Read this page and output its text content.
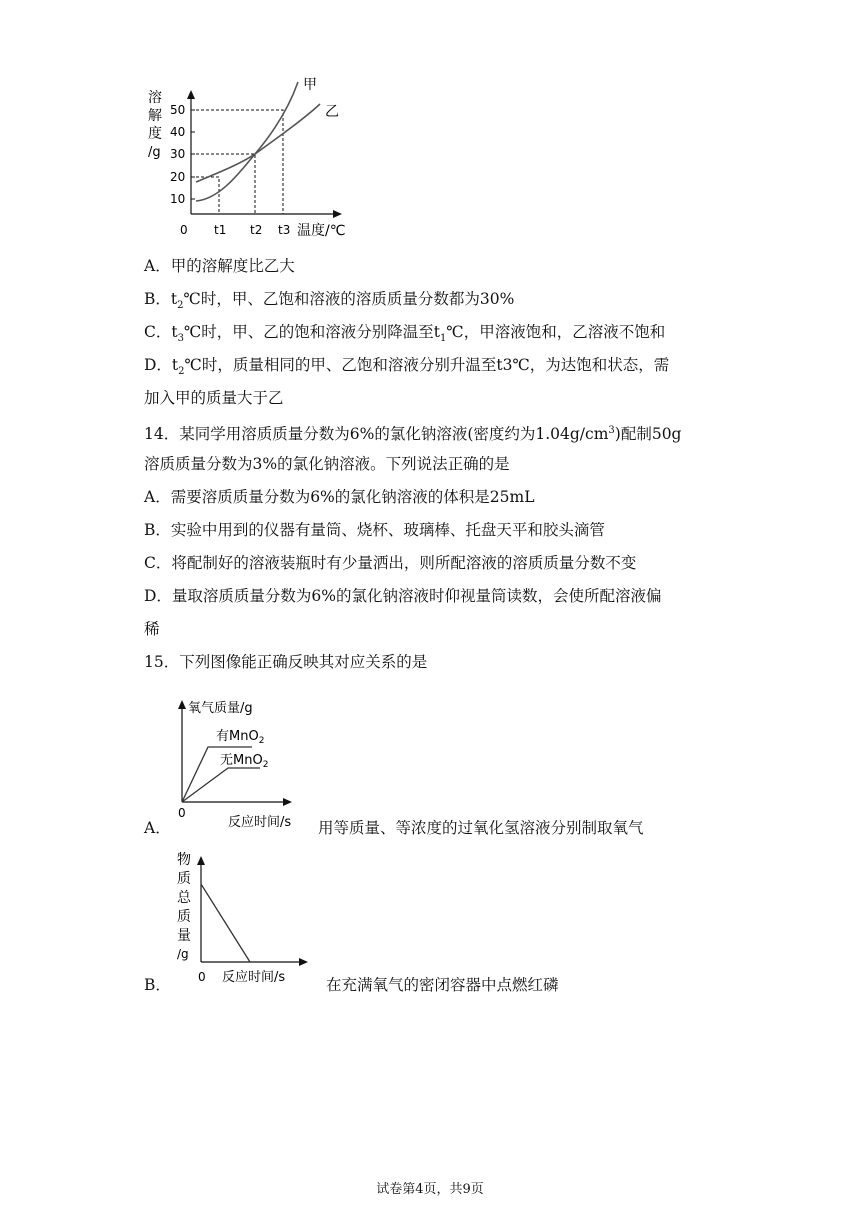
溶
解
度
/g
10
20
30
40
50
甲
乙
0 t1 t2 t3 温度/℃
A．甲的溶解度比乙大
B．$t_2℃$时，甲、乙饱和溶液的溶质质量分数都为30%
C．$t_3℃$时，甲、乙的饱和溶液分别降温至$t_1℃$，甲溶液饱和，乙溶液不饱和
D．$t_2℃$时，质量相同的甲、乙饱和溶液分别升温至t3℃，为达饱和状态，需
加入甲的质量大于乙
14．某同学用溶质质量分数为6%的氯化钠溶液(密度约为$1.04g/cm^3$)配制50g
溶质质量分数为3%的氯化钠溶液。下列说法正确的是
A．需要溶质质量分数为6%的氯化钠溶液的体积是25mL
B．实验中用到的仪器有量筒、烧杯、玻璃棒、托盘天平和胶头滴管
C．将配制好的溶液装瓶时有少量洒出，则所配溶液的溶质质量分数不变
D．量取溶质质量分数为6%的氯化钠溶液时仰视量筒读数，会使所配溶液偏
稀
15．下列图像能正确反映其对应关系的是
氧气质量/g
有MnO$_2$
无MnO$_2$
0
反应时间/s
A．	用等质量、等浓度的过氧化氢溶液分别制取氧气
物
质
总
质
量
/g
0 反应时间/s
B．	在充满氧气的密闭容器中点燃红磷
试卷第4页，共9页
